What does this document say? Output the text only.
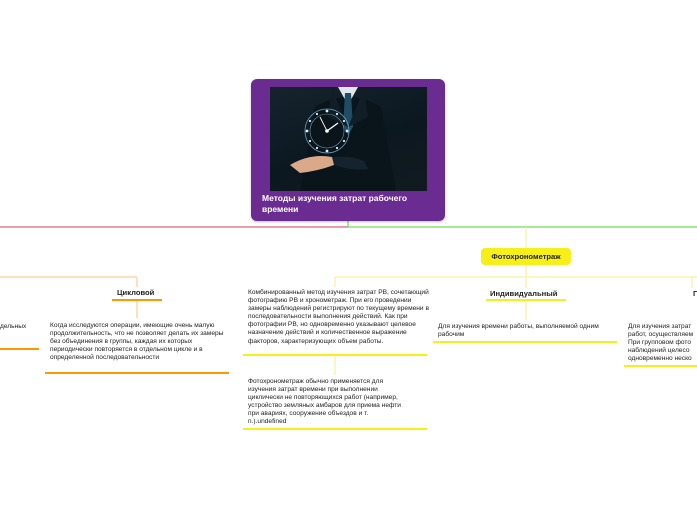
Методы изучения затрат рабочего времени
дельных
Цикловой
Когда исследуются операции, имеющие очень малую продолжительность, что не позволяет делать их замеры без объединения в группы, каждая их которых периодически повторяется в отдельном цикле и в определенной последовательности
Фотохронометраж
Комбинированный метод изучения затрат РВ, сочетающий фотографию РВ и хронометраж. При его проведении замеры наблюдений регистрируют по текущему времени в последовательности выполнения действий. Как при фотографии РВ, но одновременно указывают целевое назначение действий и количественное выражение факторов, характеризующих объем работы.
Фотохронометраж обычно применяется для изучения затрат времени при выполнении циклически не повторяющихся работ (например, устройство земляных амбаров для приема нефти при авариях, сооружение объездов и т. п.).undefined
Индивидуальный
Для изучения времени работы, выполняемой одним рабочим
Г
Для изучения затрат работ, осуществляем При групповом фото наблюдений целесо одновременно неско
